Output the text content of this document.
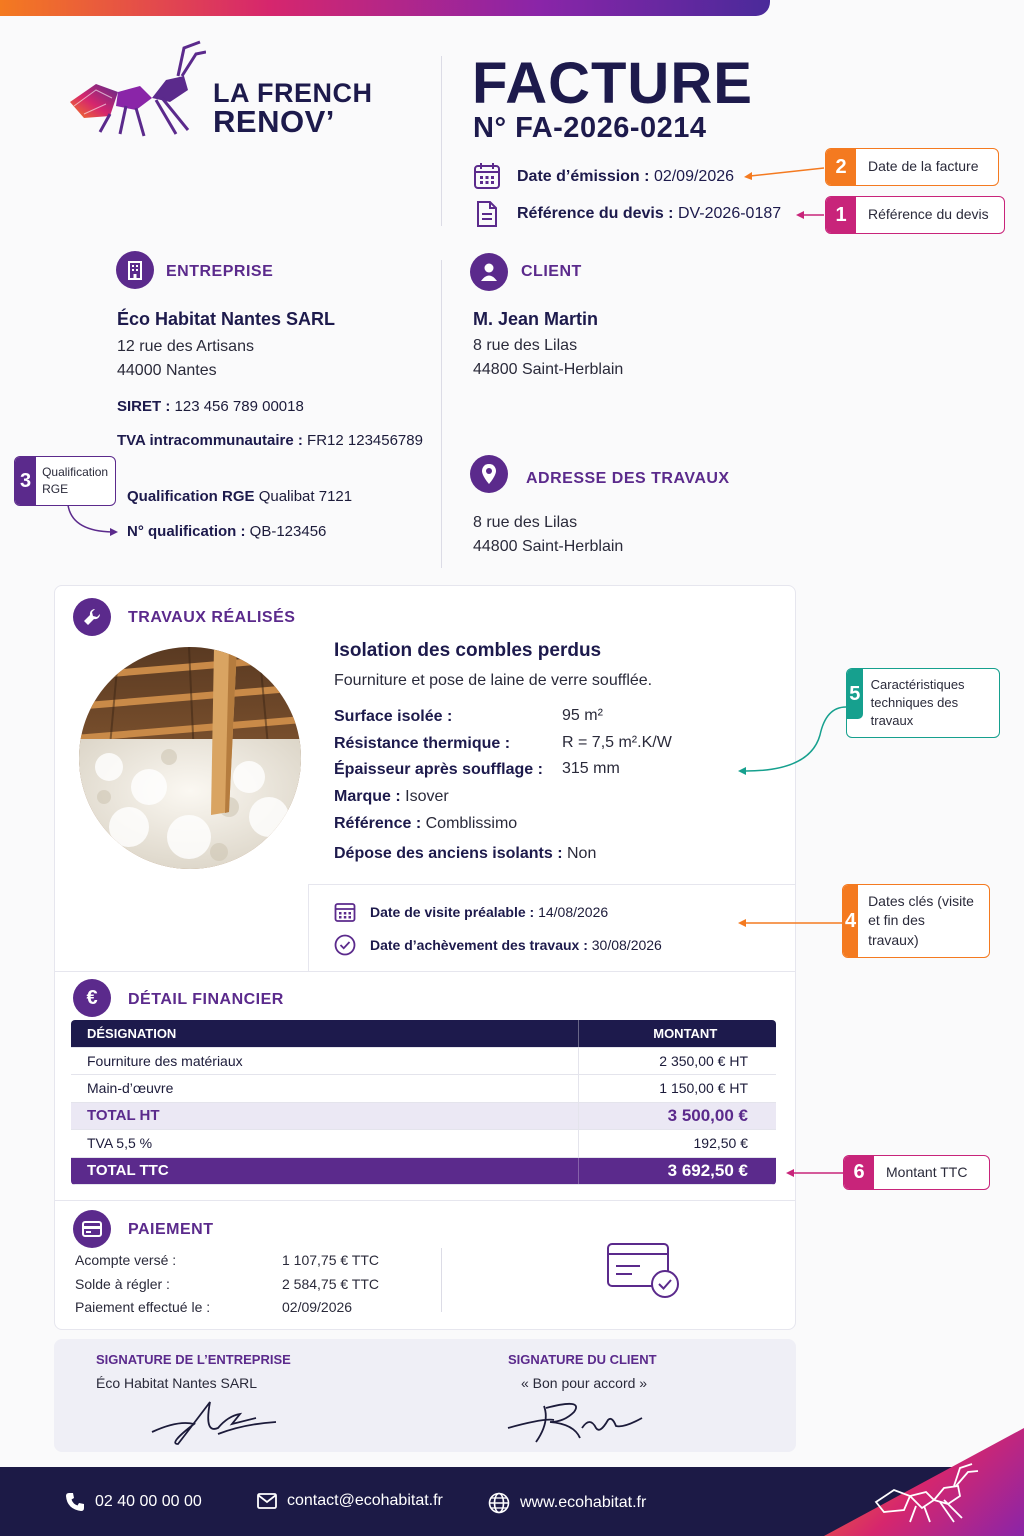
LA FRENCH
RENOV’
FACTURE
N° FA-2026-0214
Date d’émission : 02/09/2026
Référence du devis : DV-2026-0187
2	Date de la facture
1	Référence du devis
ENTREPRISE
Éco Habitat Nantes SARL
12 rue des Artisans
44000 Nantes
SIRET : 123 456 789 00018
TVA intracommunautaire : FR12 123456789
Qualification RGE Qualibat 7121
N° qualification : QB-123456
3 Qualification RGE
CLIENT
M. Jean Martin
8 rue des Lilas
44800 Saint-Herblain
ADRESSE DES TRAVAUX
8 rue des Lilas
44800 Saint-Herblain
TRAVAUX RÉALISÉS
Isolation des combles perdus
Fourniture et pose de laine de verre soufflée.
Surface isolée :	95 m²
Résistance thermique :	R = 7,5 m².K/W
Épaisseur après soufflage : 315 mm
Marque : Isover
Référence : Comblissimo
Dépose des anciens isolants : Non
Date de visite préalable : 14/08/2026
Date d’achèvement des travaux : 30/08/2026
5 Caractéristiques techniques des travaux
4
Dates clés (visite et fin des travaux)
€ DÉTAIL FINANCIER
DÉSIGNATION	MONTANT
Fourniture des matériaux	2 350,00 € HT
Main-d’œuvre	1 150,00 € HT
TOTAL HT	3 500,00 €
TVA 5,5 %	192,50 €
TOTAL TTC	3 692,50 €	6	Montant TTC
PAIEMENT
Acompte versé :	1 107,75 € TTC
Solde à régler :	2 584,75 € TTC
Paiement effectué le :	02/09/2026
SIGNATURE DE L’ENTREPRISE
Éco Habitat Nantes SARL
SIGNATURE DU CLIENT
« Bon pour accord »
02 40 00 00 00	contact@ecohabitat.fr	www.ecohabitat.fr
